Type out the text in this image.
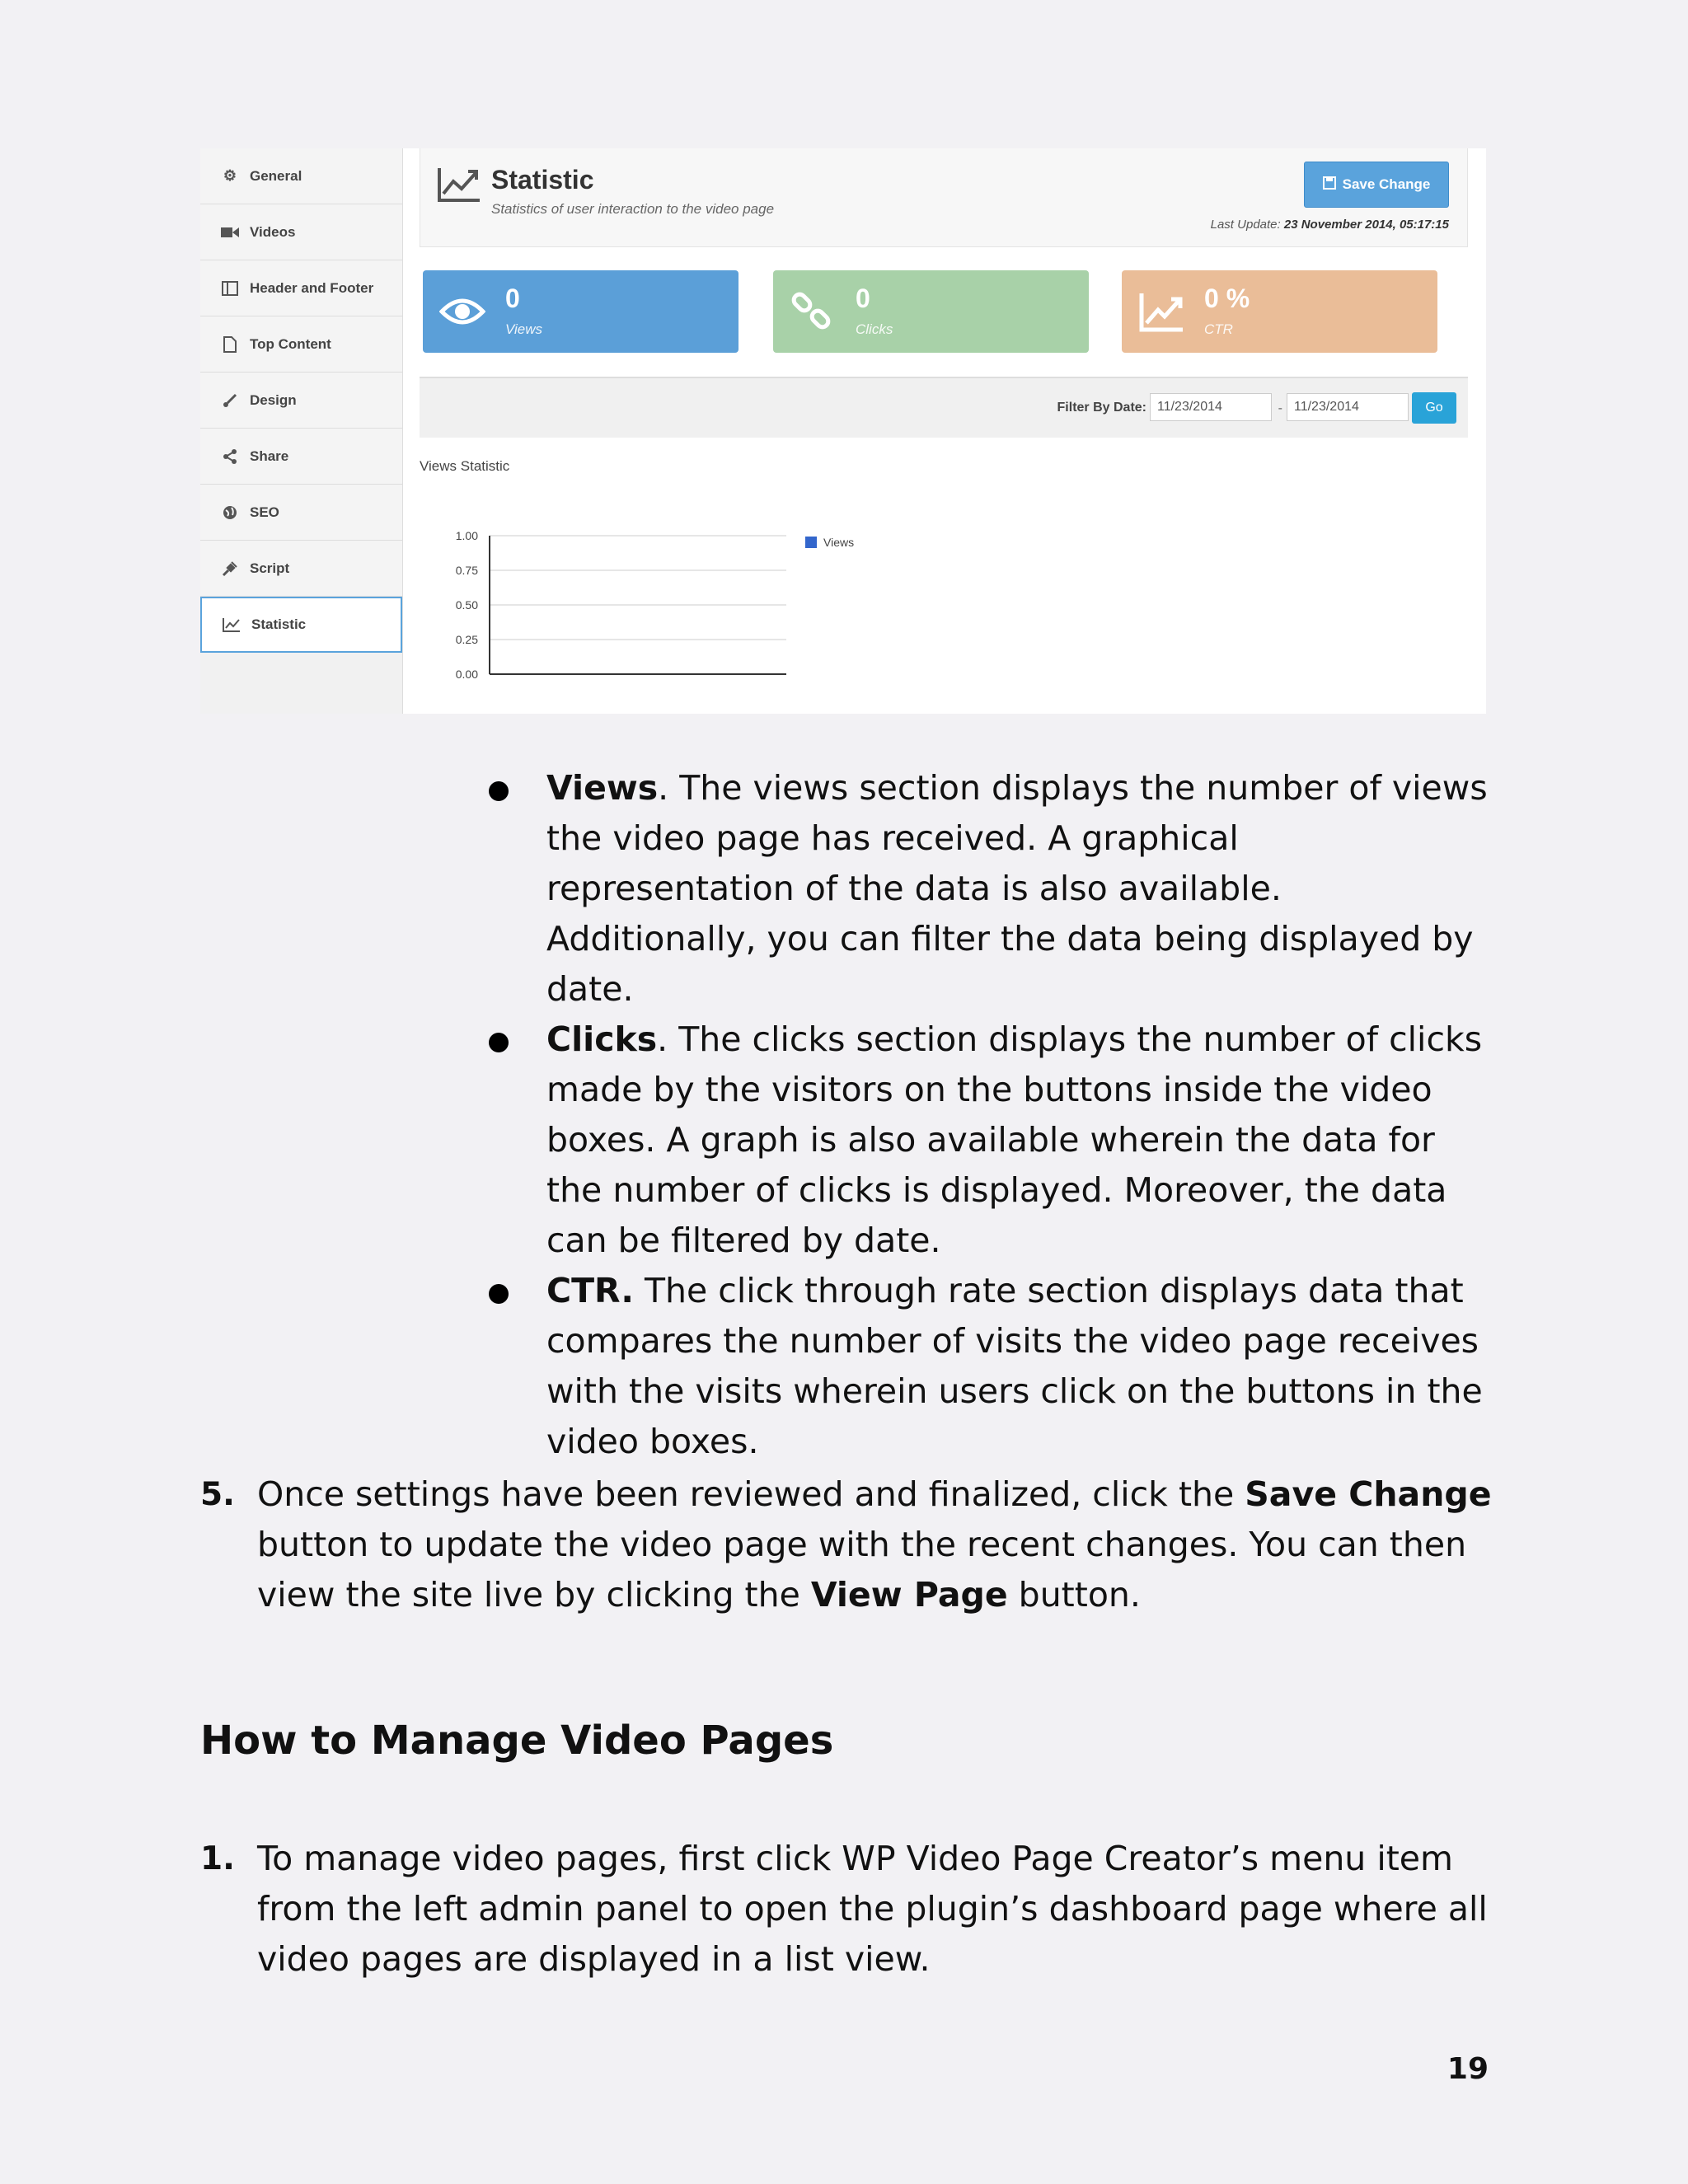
⚙ General
Videos
Header and Footer
Top Content
Design
Share
SEO
Script
Statistic
Statistic
Statistics of user interaction to the video page
Save Change
Last Update: 23 November 2014, 05:17:15
0
Views
0
Clicks
0 %
CTR
Filter By Date: 11/23/2014	- 11/23/2014	Go
Views Statistic
1.00
0.75
0.50
0.25
0.00
Views

Views. The views section displays the number of views the video page has received. A graphical representation of the data is also available. Additionally, you can filter the data being displayed by date.

Clicks. The clicks section displays the number of clicks made by the visitors on the buttons inside the video boxes. A graph is also available wherein the data for the number of clicks is displayed. Moreover, the data can be filtered by date.

CTR. The click through rate section displays data that compares the number of visits the video page receives with the visits wherein users click on the buttons in the video boxes.

5. Once settings have been reviewed and finalized, click the Save Change button to update the video page with the recent changes. You can then view the site live by clicking the View Page button.
How to Manage Video Pages
1. To manage video pages, first click WP Video Page Creator’s menu item from the left admin panel to open the plugin’s dashboard page where all video pages are displayed in a list view.
19
